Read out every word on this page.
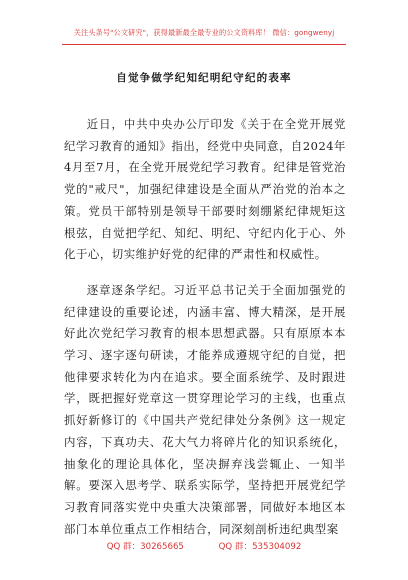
关注头条号"公文研究"，获得最新最全最专业的公文资料库！ 微信：gongwenyj
自觉争做学纪知纪明纪守纪的表率

近日，中共中央办公厅印发《关于在全党开展党纪学习教育的通知》指出，经党中央同意，自2024年4月至7月，在全党开展党纪学习教育。纪律是管党治党的"戒尺"，加强纪律建设是全面从严治党的治本之策。党员干部特别是领导干部要时刻绷紧纪律规矩这根弦，自觉把学纪、知纪、明纪、守纪内化于心、外化于心，切实维护好党的纪律的严肃性和权威性。

逐章逐条学纪。习近平总书记关于全面加强党的纪律建设的重要论述，内涵丰富、博大精深，是开展好此次党纪学习教育的根本思想武器。只有原原本本学习、逐字逐句研读，才能养成遵规守纪的自觉，把他律要求转化为内在追求。要全面系统学、及时跟进学，既把握好党章这一贯穿理论学习的主线，也重点抓好新修订的《中国共产党纪律处分条例》这一规定内容，下真功夫、花大气力将碎片化的知识系统化，抽象化的理论具体化，坚决摒弃浅尝辄止、一知半解。要深入思考学、联系实际学，坚持把开展党纪学习教育同落实党中央重大决策部署，同做好本地区本部门本单位重点工作相结合，同深刻剖析违纪典型案

QQ 群：30265665	QQ 群：535304092
